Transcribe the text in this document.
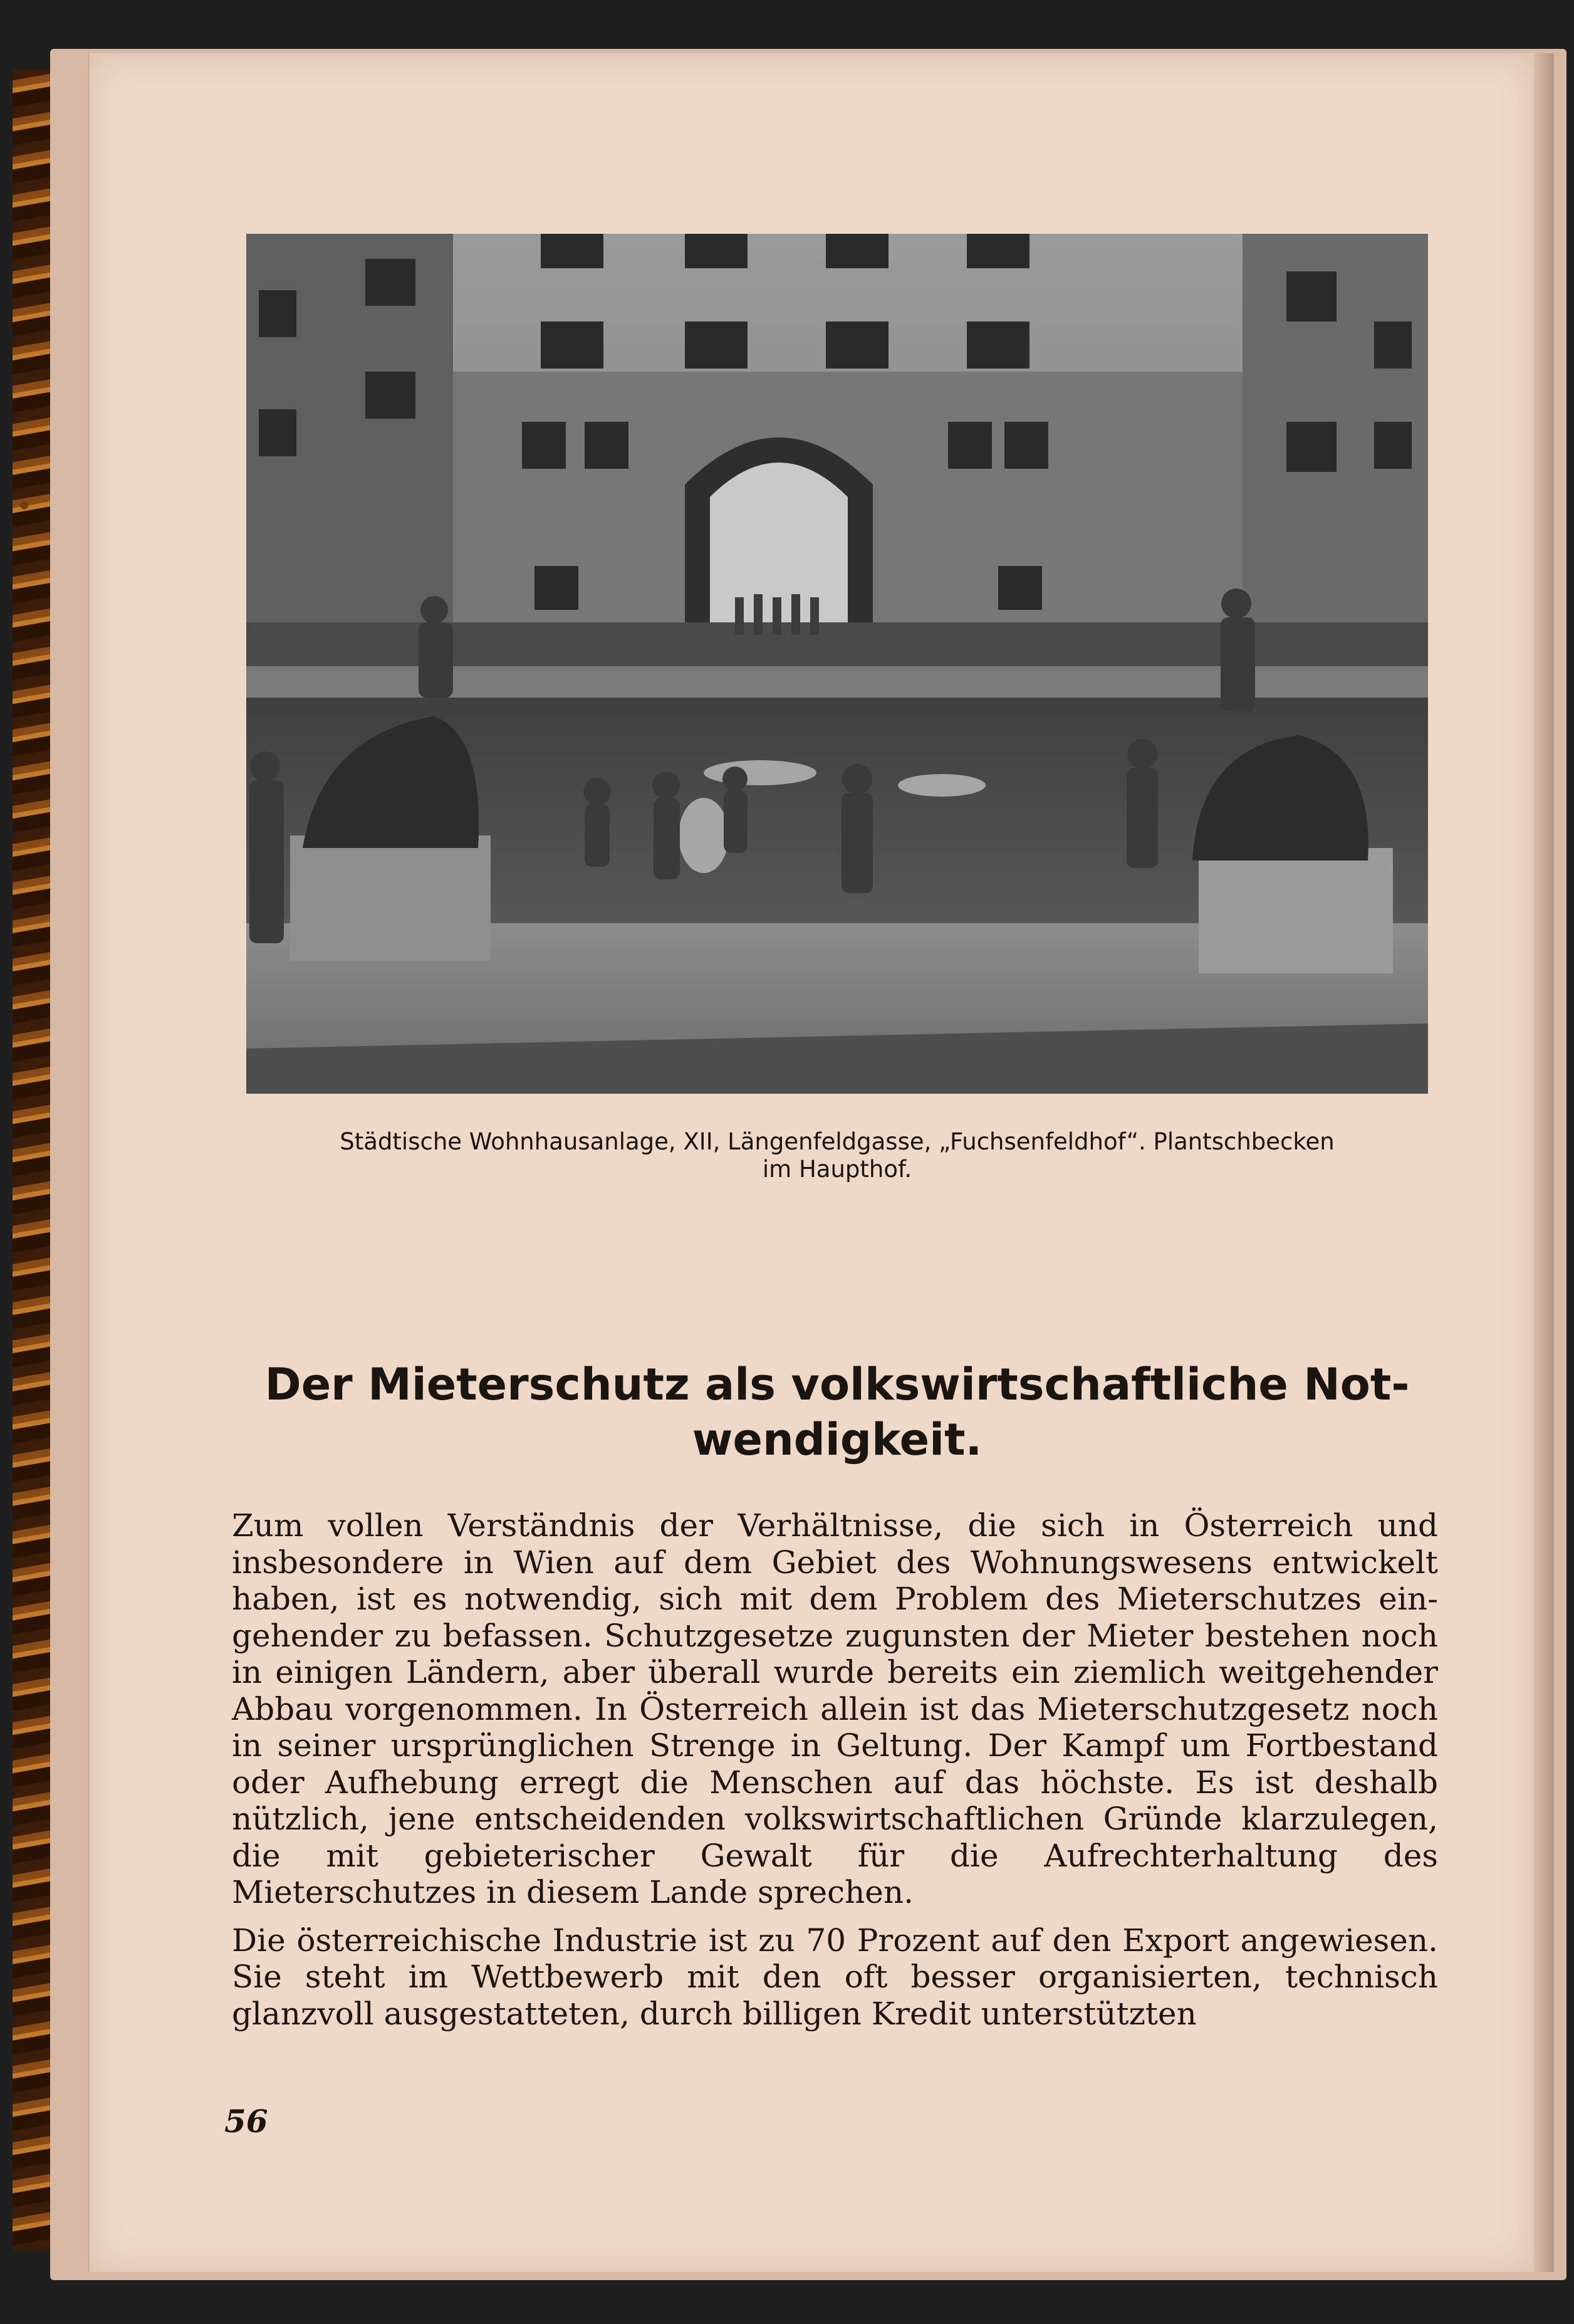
Städtische Wohnhausanlage, XII, Längenfeldgasse, „Fuchsenfeldhof“. Plantschbecken
im Haupthof.
Der Mieterschutz als volkswirtschaftliche Not-
wendigkeit.

Zum vollen Verständnis der Verhältnisse, die sich in Österreich und insbesondere in Wien auf dem Gebiet des Wohnungswesens entwickelt haben, ist es notwendig, sich mit dem Problem des Mieterschutzes eingehender zu befassen. Schutzgesetze zugunsten der Mieter bestehen noch in einigen Ländern, aber überall wurde bereits ein ziemlich weitgehender Abbau vorgenommen. In Österreich allein ist das Mieterschutzgesetz noch in seiner ursprünglichen Strenge in Geltung. Der Kampf um Fortbestand oder Aufhebung erregt die Menschen auf das höchste. Es ist deshalb nützlich, jene entscheidenden volkswirtschaftlichen Gründe klarzulegen, die mit gebieterischer Gewalt für die Aufrechterhaltung des Mieterschutzes in diesem Lande sprechen.

Die österreichische Industrie ist zu 70 Prozent auf den Export angewiesen. Sie steht im Wettbewerb mit den oft besser organisierten, technisch glanzvoll ausgestatteten, durch billigen Kredit unterstützten

56
